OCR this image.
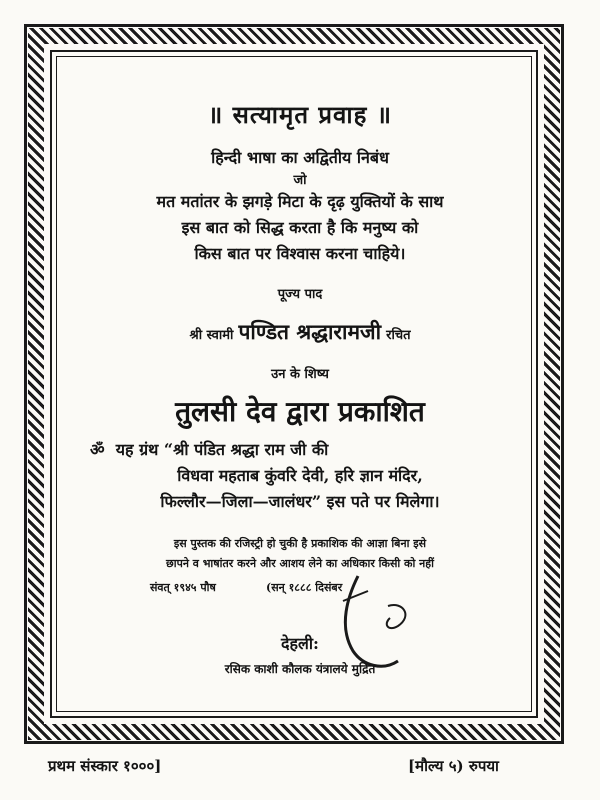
॥ सत्यामृत प्रवाह ॥
हिन्दी भाषा का अद्वितीय निबंध
जो
मत मतांतर के झगड़े मिटा के दृढ़ युक्तियों के साथ
इस बात को सिद्ध करता है कि मनुष्य को
किस बात पर विश्वास करना चाहिये।
पूज्य पाद
श्री स्वामी पण्डित श्रद्धारामजी रचित
उन के शिष्य
तुलसी देव द्वारा प्रकाशित
ॐ यह ग्रंथ “श्री पंडित श्रद्धा राम जी की
विधवा महताब कुंवरि देवी, हरि ज्ञान मंदिर,
फिल्लौर—जिला—जालंधर” इस पते पर मिलेगा।
इस पुस्तक की रजिस्ट्री हो चुकी है प्रकाशिक की आज्ञा बिना इसे
छापने व भाषांतर करने और आशय लेने का अधिकार किसी को नहीं
संवत् १९४५ पौष	(सन् १८८८ दिसंबर
देहली:
रसिक काशी कौलक यंत्रालये मुद्रित
प्रथम संस्कार १०००]	[मौल्य ५) रुपया
